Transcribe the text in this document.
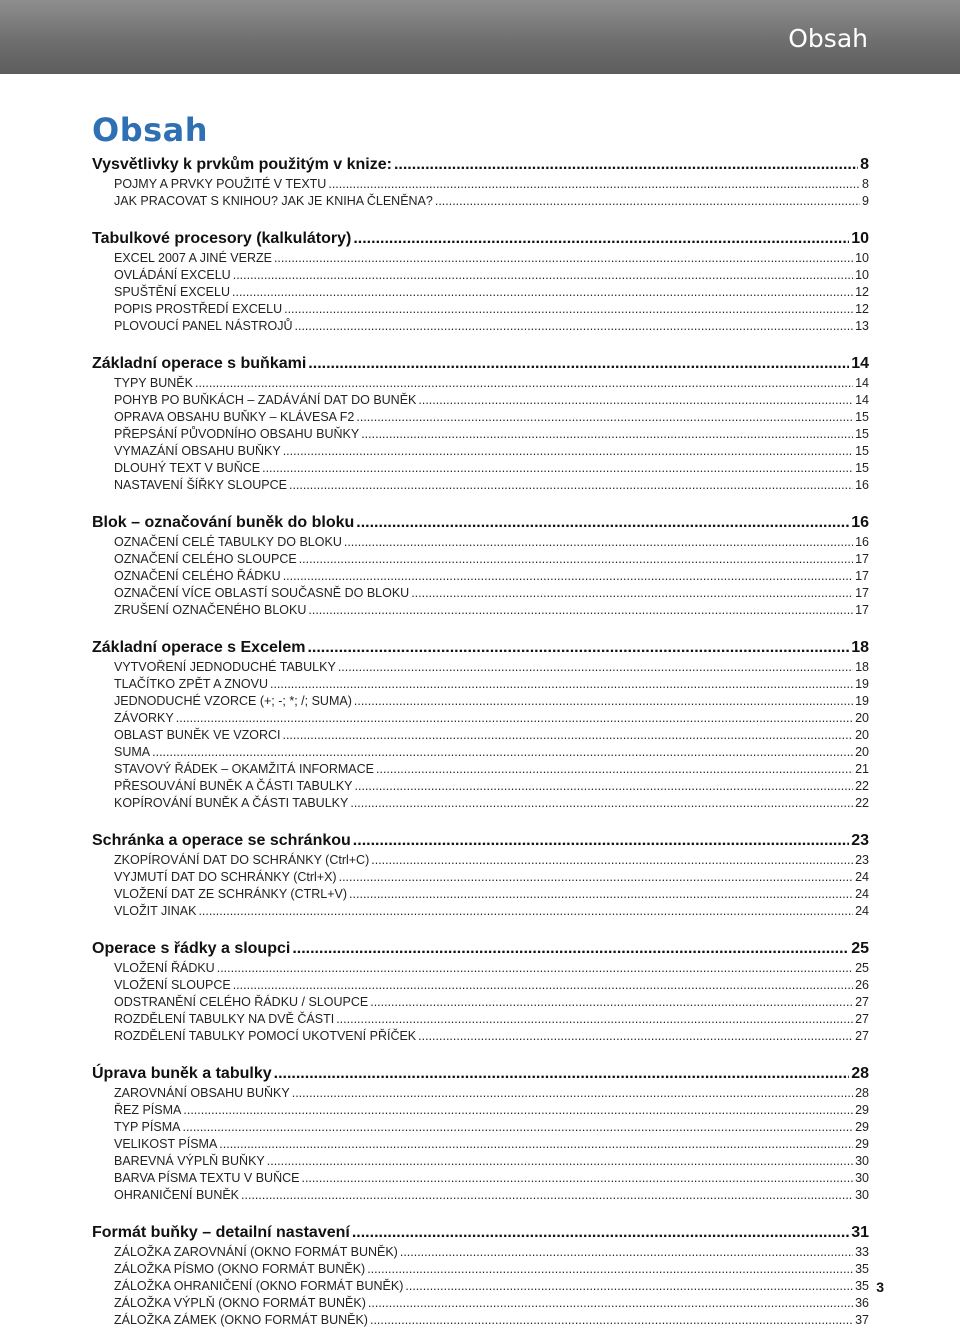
Obsah
Obsah
Vysvětlivky k prvkům použitým v knize: .....	8
POJMY A PRVKY POUŽITÉ V TEXTU .....	8
JAK PRACOVAT S KNIHOU? JAK JE KNIHA ČLENĚNA? .....	9
Tabulkové procesory (kalkulátory) .....	10
EXCEL 2007 A JINÉ VERZE .....	10
OVLÁDÁNÍ EXCELU .....	10
SPUŠTĚNÍ EXCELU .....	12
POPIS PROSTŘEDÍ EXCELU .....	12
PLOVOUCÍ PANEL NÁSTROJŮ .....	13
Základní operace s buňkami .....	14
TYPY BUNĚK .....	14
POHYB PO BUŇKÁCH – ZADÁVÁNÍ DAT DO BUNĚK .....	14
OPRAVA OBSAHU BUŇKY – KLÁVESA F2 .....	15
PŘEPSÁNÍ PŮVODNÍHO OBSAHU BUŇKY .....	15
VYMAZÁNÍ OBSAHU BUŇKY .....	15
DLOUHÝ TEXT V BUŇCE .....	15
NASTAVENÍ ŠÍŘKY SLOUPCE .....	16
Blok – označování buněk do bloku .....	16
OZNAČENÍ CELÉ TABULKY DO BLOKU .....	16
OZNAČENÍ CELÉHO SLOUPCE .....	17
OZNAČENÍ CELÉHO ŘÁDKU .....	17
OZNAČENÍ VÍCE OBLASTÍ SOUČASNĚ DO BLOKU .....	17
ZRUŠENÍ OZNAČENÉHO BLOKU .....	17
Základní operace s Excelem .....	18
VYTVOŘENÍ JEDNODUCHÉ TABULKY .....	18
TLAČÍTKO ZPĚT A ZNOVU .....	19
JEDNODUCHÉ VZORCE (+; -; *; /; SUMA) .....	19
ZÁVORKY .....	20
OBLAST BUNĚK VE VZORCI .....	20
SUMA .....	20
STAVOVÝ ŘÁDEK – OKAMŽITÁ INFORMACE .....	21
PŘESOUVÁNÍ BUNĚK A ČÁSTI TABULKY .....	22
KOPÍROVÁNÍ BUNĚK A ČÁSTI TABULKY .....	22
Schránka a operace se schránkou .....	23
ZKOPÍROVÁNÍ DAT DO SCHRÁNKY (Ctrl+C) .....	23
VYJMUTÍ DAT DO SCHRÁNKY (Ctrl+X) .....	24
VLOŽENÍ DAT ZE SCHRÁNKY (CTRL+V) .....	24
VLOŽIT JINAK .....	24
Operace s řádky a sloupci .....	25
VLOŽENÍ ŘÁDKU .....	25
VLOŽENÍ SLOUPCE .....	26
ODSTRANĚNÍ CELÉHO ŘÁDKU / SLOUPCE .....	27
ROZDĚLENÍ TABULKY NA DVĚ ČÁSTI .....	27
ROZDĚLENÍ TABULKY POMOCÍ UKOTVENÍ PŘÍČEK .....	27
Úprava buněk a tabulky .....	28
ZAROVNÁNÍ OBSAHU BUŇKY .....	28
ŘEZ PÍSMA .....	29
TYP PÍSMA .....	29
VELIKOST PÍSMA .....	29
BAREVNÁ VÝPLŇ BUŇKY .....	30
BARVA PÍSMA TEXTU V BUŇCE .....	30
OHRANIČENÍ BUNĚK .....	30
Formát buňky – detailní nastavení .....	31
ZÁLOŽKA ZAROVNÁNÍ (OKNO FORMÁT BUNĚK) .....	33
ZÁLOŽKA PÍSMO (OKNO FORMÁT BUNĚK) .....	35
ZÁLOŽKA OHRANIČENÍ (OKNO FORMÁT BUNĚK) .....	35
ZÁLOŽKA VÝPLŇ (OKNO FORMÁT BUNĚK) .....	36
ZÁLOŽKA ZÁMEK (OKNO FORMÁT BUNĚK) .....	37
3
